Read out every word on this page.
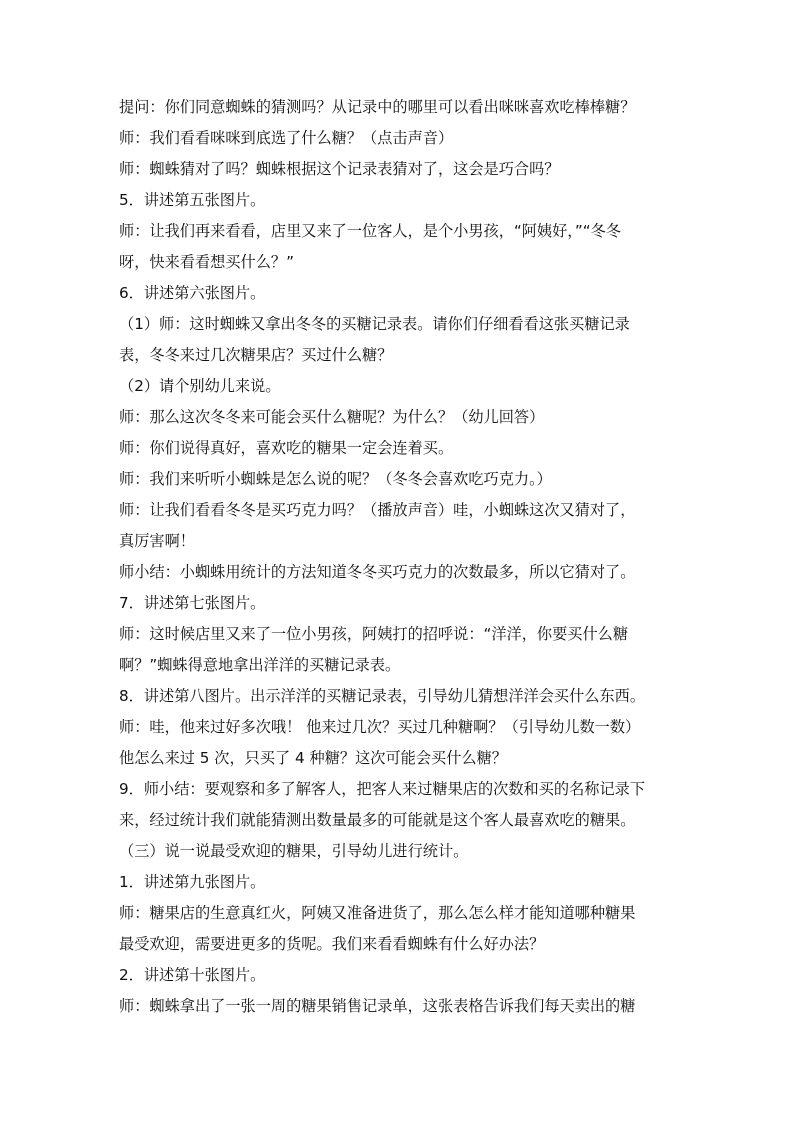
提问：你们同意蜘蛛的猜测吗？从记录中的哪里可以看出咪咪喜欢吃棒棒糖？
师：我们看看咪咪到底选了什么糖？（点击声音）
师：蜘蛛猜对了吗？蜘蛛根据这个记录表猜对了，这会是巧合吗？
5．讲述第五张图片。
师：让我们再来看看，店里又来了一位客人，是个小男孩，“阿姨好，”“冬冬
呀，快来看看想买什么？”
6．讲述第六张图片。
（1）师：这时蜘蛛又拿出冬冬的买糖记录表。请你们仔细看看这张买糖记录
表，冬冬来过几次糖果店？买过什么糖？
（2）请个别幼儿来说。
师：那么这次冬冬来可能会买什么糖呢？为什么？（幼儿回答）
师：你们说得真好，喜欢吃的糖果一定会连着买。
师：我们来听听小蜘蛛是怎么说的呢？（冬冬会喜欢吃巧克力。）
师：让我们看看冬冬是买巧克力吗？（播放声音）哇，小蜘蛛这次又猜对了，
真厉害啊！
师小结：小蜘蛛用统计的方法知道冬冬买巧克力的次数最多，所以它猜对了。
7．讲述第七张图片。
师：这时候店里又来了一位小男孩，阿姨打的招呼说：“洋洋，你要买什么糖
啊？”蜘蛛得意地拿出洋洋的买糖记录表。
8．讲述第八图片。出示洋洋的买糖记录表，引导幼儿猜想洋洋会买什么东西。
师：哇，他来过好多次哦！ 他来过几次？买过几种糖啊？（引导幼儿数一数）
他怎么来过 5 次，只买了 4 种糖？这次可能会买什么糖？
9．师小结：要观察和多了解客人，把客人来过糖果店的次数和买的名称记录下
来，经过统计我们就能猜测出数量最多的可能就是这个客人最喜欢吃的糖果。
（三）说一说最受欢迎的糖果，引导幼儿进行统计。
1．讲述第九张图片。
师：糖果店的生意真红火，阿姨又准备进货了，那么怎么样才能知道哪种糖果
最受欢迎，需要进更多的货呢。我们来看看蜘蛛有什么好办法？
2．讲述第十张图片。
师：蜘蛛拿出了一张一周的糖果销售记录单，这张表格告诉我们每天卖出的糖
